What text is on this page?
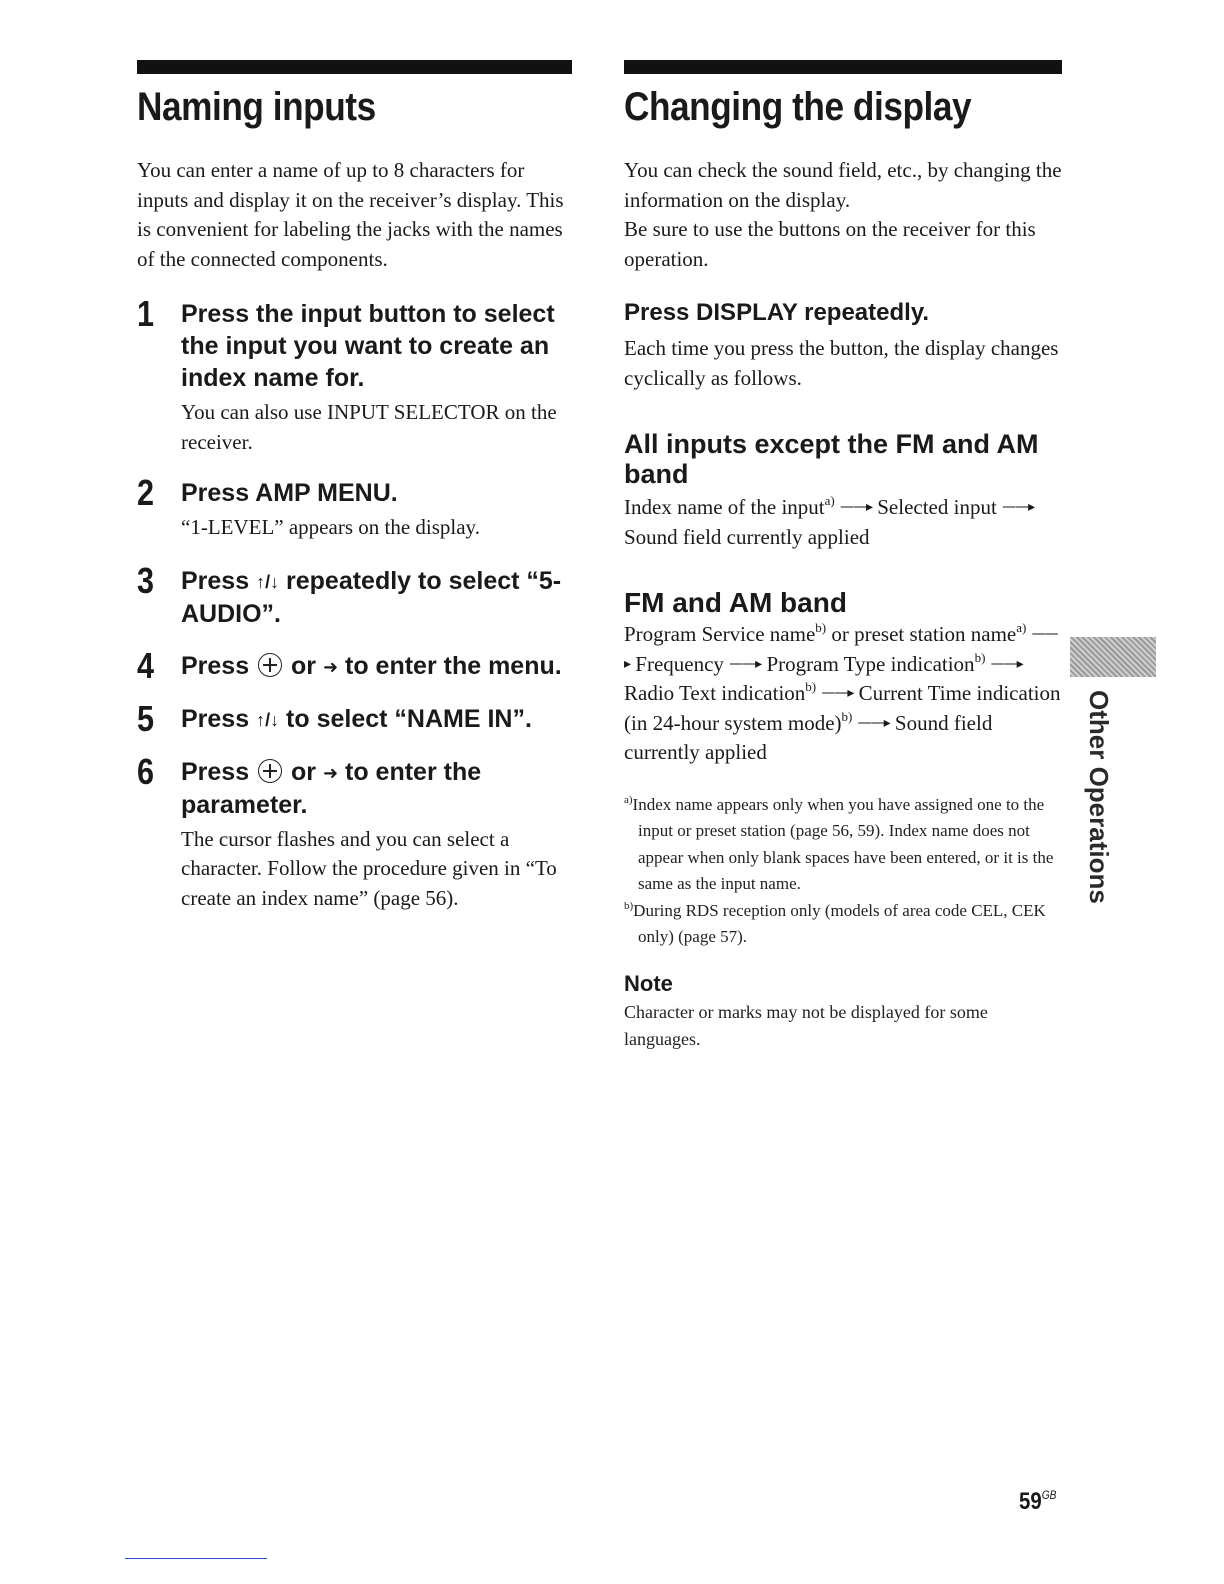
Naming inputs

You can enter a name of up to 8 characters for inputs and display it on the receiver’s display. This is convenient for labeling the jacks with the names of the connected components.

1 Press the input button to select the input you want to create an index name for.

You can also use INPUT SELECTOR on the receiver.

2 Press AMP MENU.

“1-LEVEL” appears on the display.

3 Press ↑/↓ repeatedly to select “5-AUDIO”.

4 Press  or ➜ to enter the menu.

5 Press ↑/↓ to select “NAME IN”.

6 Press  or ➜ to enter the parameter.

The cursor flashes and you can select a character. Follow the procedure given in “To create an index name” (page 56).

Changing the display

You can check the sound field, etc., by changing the information on the display.

Be sure to use the buttons on the receiver for this operation.

Press DISPLAY repeatedly.

Each time you press the button, the display changes cyclically as follows.

All inputs except the FM and AM band

Index name of the input$^{a)}$ ——▸ Selected input ——▸ Sound field currently applied

FM and AM band

Program Service name$^{b)}$ or preset station name$^{a)}$ ——▸ Frequency ——▸ Program Type indication$^{b)}$ ——▸ Radio Text indication$^{b)}$ ——▸ Current Time indication (in 24-hour system mode)$^{b)}$ ——▸ Sound field currently applied

$^{a)}$Index name appears only when you have assigned one to the input or preset station (page 56, 59). Index name does not appear when only blank spaces have been entered, or it is the same as the input name.

$^{b)}$During RDS reception only (models of area code CEL, CEK only) (page 57).

Note

Character or marks may not be displayed for some languages.

Other Operations
$59^{GB}$
